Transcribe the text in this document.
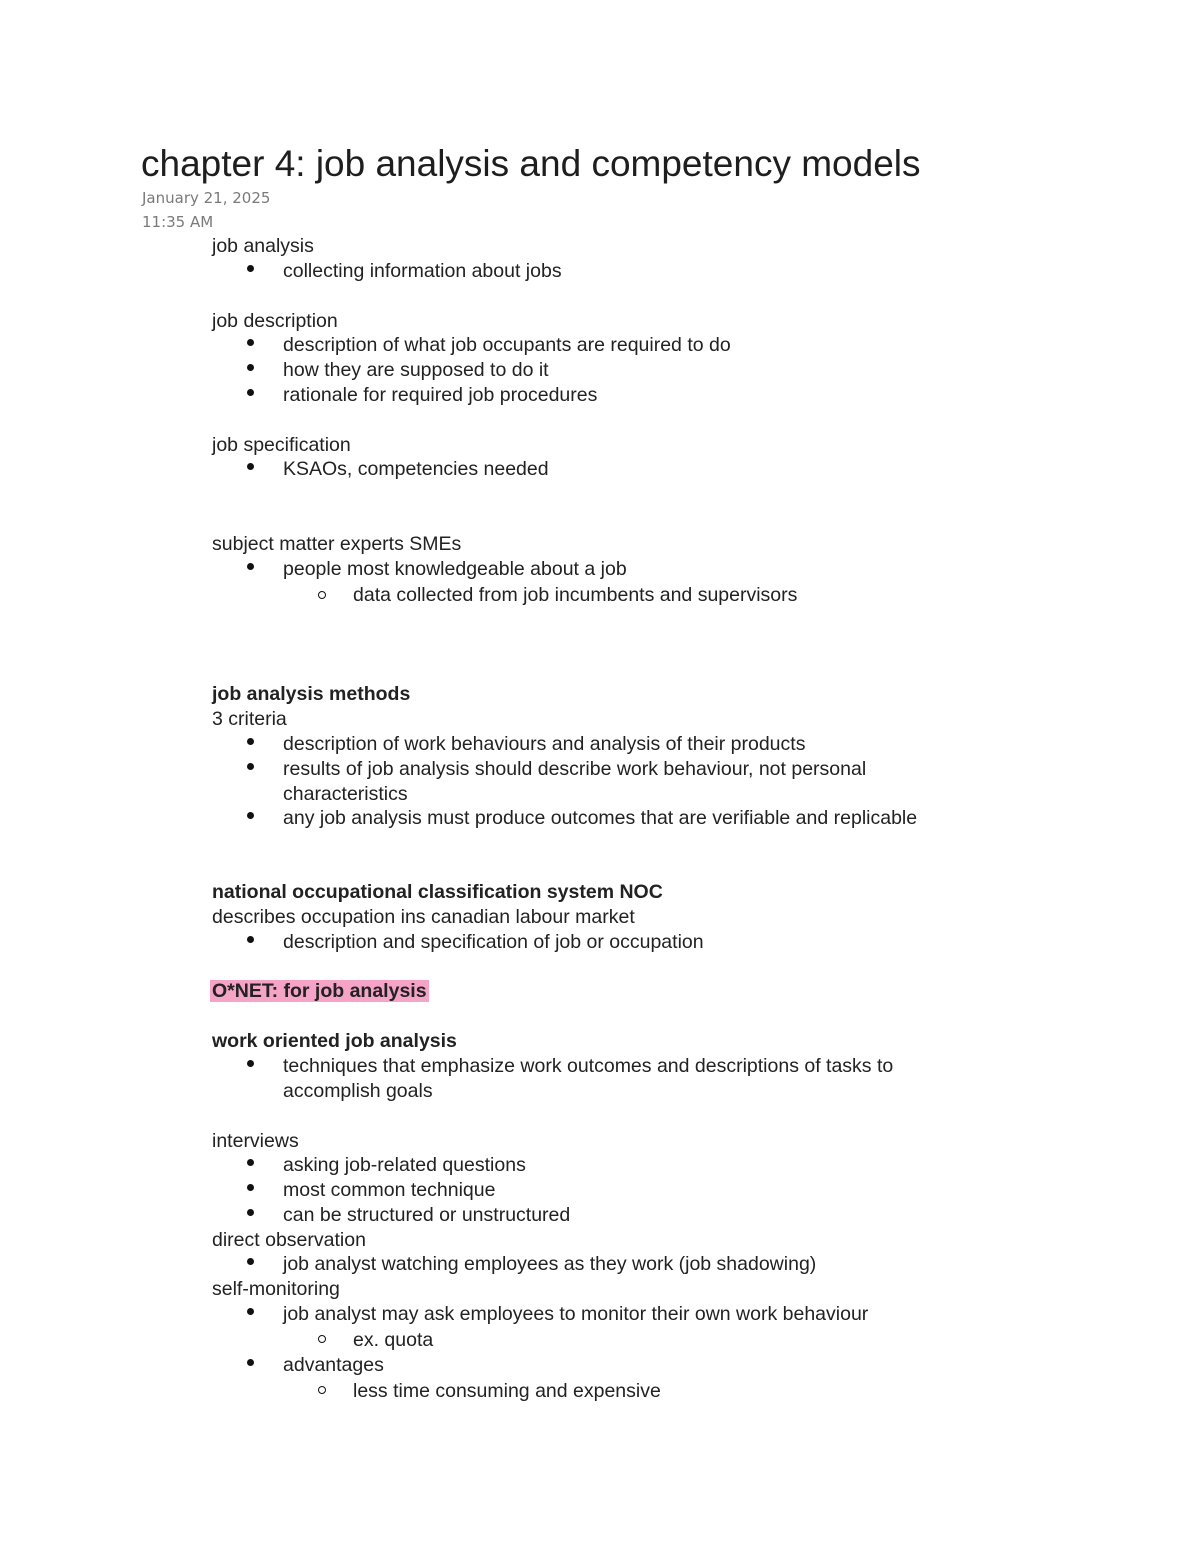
chapter 4: job analysis and competency models
January 21, 2025
11:35 AM
job analysis
collecting information about jobs
job description
description of what job occupants are required to do
how they are supposed to do it
rationale for required job procedures
job specification
KSAOs, competencies needed
subject matter experts SMEs
people most knowledgeable about a job
data collected from job incumbents and supervisors
job analysis methods
3 criteria
description of work behaviours and analysis of their products
results of job analysis should describe work behaviour, not personal
characteristics
any job analysis must produce outcomes that are verifiable and replicable
national occupational classification system NOC
describes occupation ins canadian labour market
description and specification of job or occupation
O*NET: for job analysis
work oriented job analysis
techniques that emphasize work outcomes and descriptions of tasks to
accomplish goals
interviews
asking job-related questions
most common technique
can be structured or unstructured
direct observation
job analyst watching employees as they work (job shadowing)
self-monitoring
job analyst may ask employees to monitor their own work behaviour
ex. quota
advantages
less time consuming and expensive
